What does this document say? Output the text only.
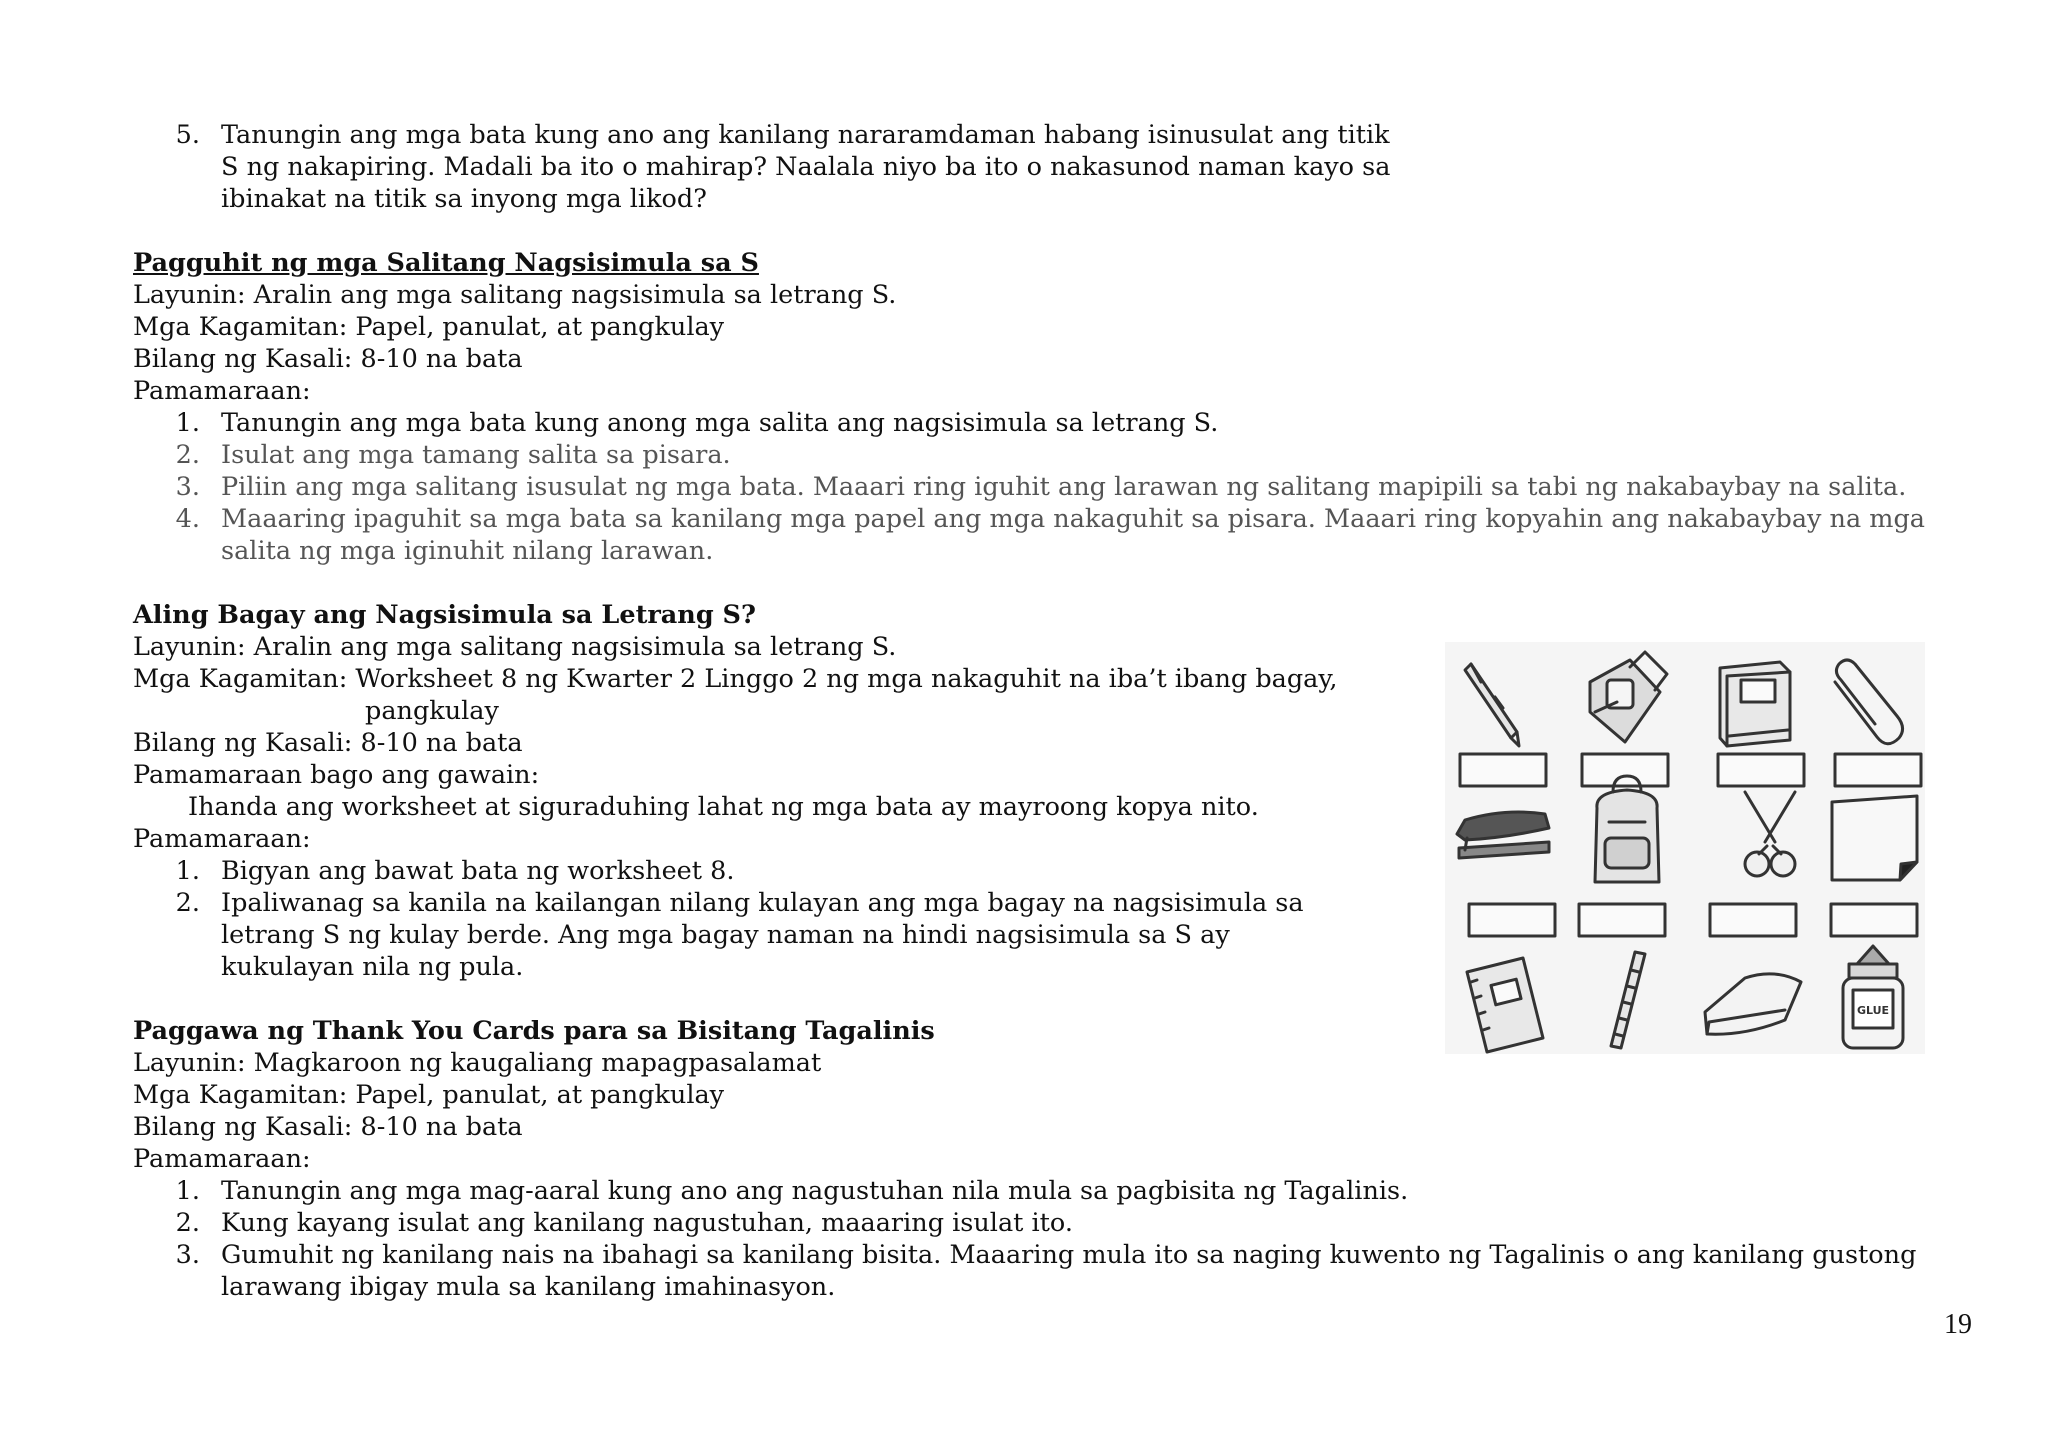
5. Tanungin ang mga bata kung ano ang kanilang nararamdaman habang isinusulat ang titik
S ng nakapiring. Madali ba ito o mahirap? Naalala niyo ba ito o nakasunod naman kayo sa
ibinakat na titik sa inyong mga likod?
Pagguhit ng mga Salitang Nagsisimula sa S
Layunin: Aralin ang mga salitang nagsisimula sa letrang S.
Mga Kagamitan: Papel, panulat, at pangkulay
Bilang ng Kasali: 8-10 na bata
Pamamaraan:
1. Tanungin ang mga bata kung anong mga salita ang nagsisimula sa letrang S.
2. Isulat ang mga tamang salita sa pisara.
3. Piliin ang mga salitang isusulat ng mga bata. Maaari ring iguhit ang larawan ng salitang mapipili sa tabi ng nakabaybay na salita.
4. Maaaring ipaguhit sa mga bata sa kanilang mga papel ang mga nakaguhit sa pisara. Maaari ring kopyahin ang nakabaybay na mga
salita ng mga iginuhit nilang larawan.
Aling Bagay ang Nagsisimula sa Letrang S?
Layunin: Aralin ang mga salitang nagsisimula sa letrang S.
Mga Kagamitan: Worksheet 8 ng Kwarter 2 Linggo 2 ng mga nakaguhit na iba’t ibang bagay,
pangkulay
Bilang ng Kasali: 8-10 na bata
Pamamaraan bago ang gawain:
Ihanda ang worksheet at siguraduhing lahat ng mga bata ay mayroong kopya nito.
Pamamaraan:
1. Bigyan ang bawat bata ng worksheet 8.
2. Ipaliwanag sa kanila na kailangan nilang kulayan ang mga bagay na nagsisimula sa
letrang S ng kulay berde. Ang mga bagay naman na hindi nagsisimula sa S ay
kukulayan nila ng pula.
GLUE
Paggawa ng Thank You Cards para sa Bisitang Tagalinis
Layunin: Magkaroon ng kaugaliang mapagpasalamat
Mga Kagamitan: Papel, panulat, at pangkulay
Bilang ng Kasali: 8-10 na bata
Pamamaraan:
1. Tanungin ang mga mag-aaral kung ano ang nagustuhan nila mula sa pagbisita ng Tagalinis.
2. Kung kayang isulat ang kanilang nagustuhan, maaaring isulat ito.
3. Gumuhit ng kanilang nais na ibahagi sa kanilang bisita. Maaaring mula ito sa naging kuwento ng Tagalinis o ang kanilang gustong
larawang ibigay mula sa kanilang imahinasyon.
19
